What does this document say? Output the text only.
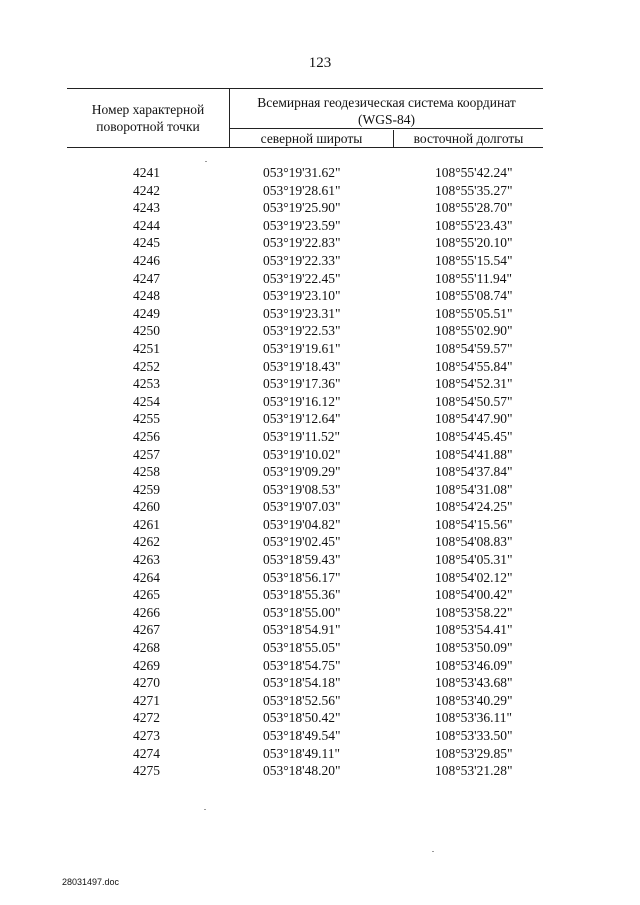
123
Номер характерной поворотной точки
Всемирная геодезическая система координат
(WGS-84)
северной широты	восточной долготы
4241	053°19'31.62"	108°55'42.24"
4242	053°19'28.61"	108°55'35.27"
4243	053°19'25.90"	108°55'28.70"
4244	053°19'23.59"	108°55'23.43"
4245	053°19'22.83"	108°55'20.10"
4246	053°19'22.33"	108°55'15.54"
4247	053°19'22.45"	108°55'11.94"
4248	053°19'23.10"	108°55'08.74"
4249	053°19'23.31"	108°55'05.51"
4250	053°19'22.53"	108°55'02.90"
4251	053°19'19.61"	108°54'59.57"
4252	053°19'18.43"	108°54'55.84"
4253	053°19'17.36"	108°54'52.31"
4254	053°19'16.12"	108°54'50.57"
4255	053°19'12.64"	108°54'47.90"
4256	053°19'11.52"	108°54'45.45"
4257	053°19'10.02"	108°54'41.88"
4258	053°19'09.29"	108°54'37.84"
4259	053°19'08.53"	108°54'31.08"
4260	053°19'07.03"	108°54'24.25"
4261	053°19'04.82"	108°54'15.56"
4262	053°19'02.45"	108°54'08.83"
4263	053°18'59.43"	108°54'05.31"
4264	053°18'56.17"	108°54'02.12"
4265	053°18'55.36"	108°54'00.42"
4266	053°18'55.00"	108°53'58.22"
4267	053°18'54.91"	108°53'54.41"
4268	053°18'55.05"	108°53'50.09"
4269	053°18'54.75"	108°53'46.09"
4270	053°18'54.18"	108°53'43.68"
4271	053°18'52.56"	108°53'40.29"
4272	053°18'50.42"	108°53'36.11"
4273	053°18'49.54"	108°53'33.50"
4274	053°18'49.11"	108°53'29.85"
4275	053°18'48.20"	108°53'21.28"
28031497.doc
